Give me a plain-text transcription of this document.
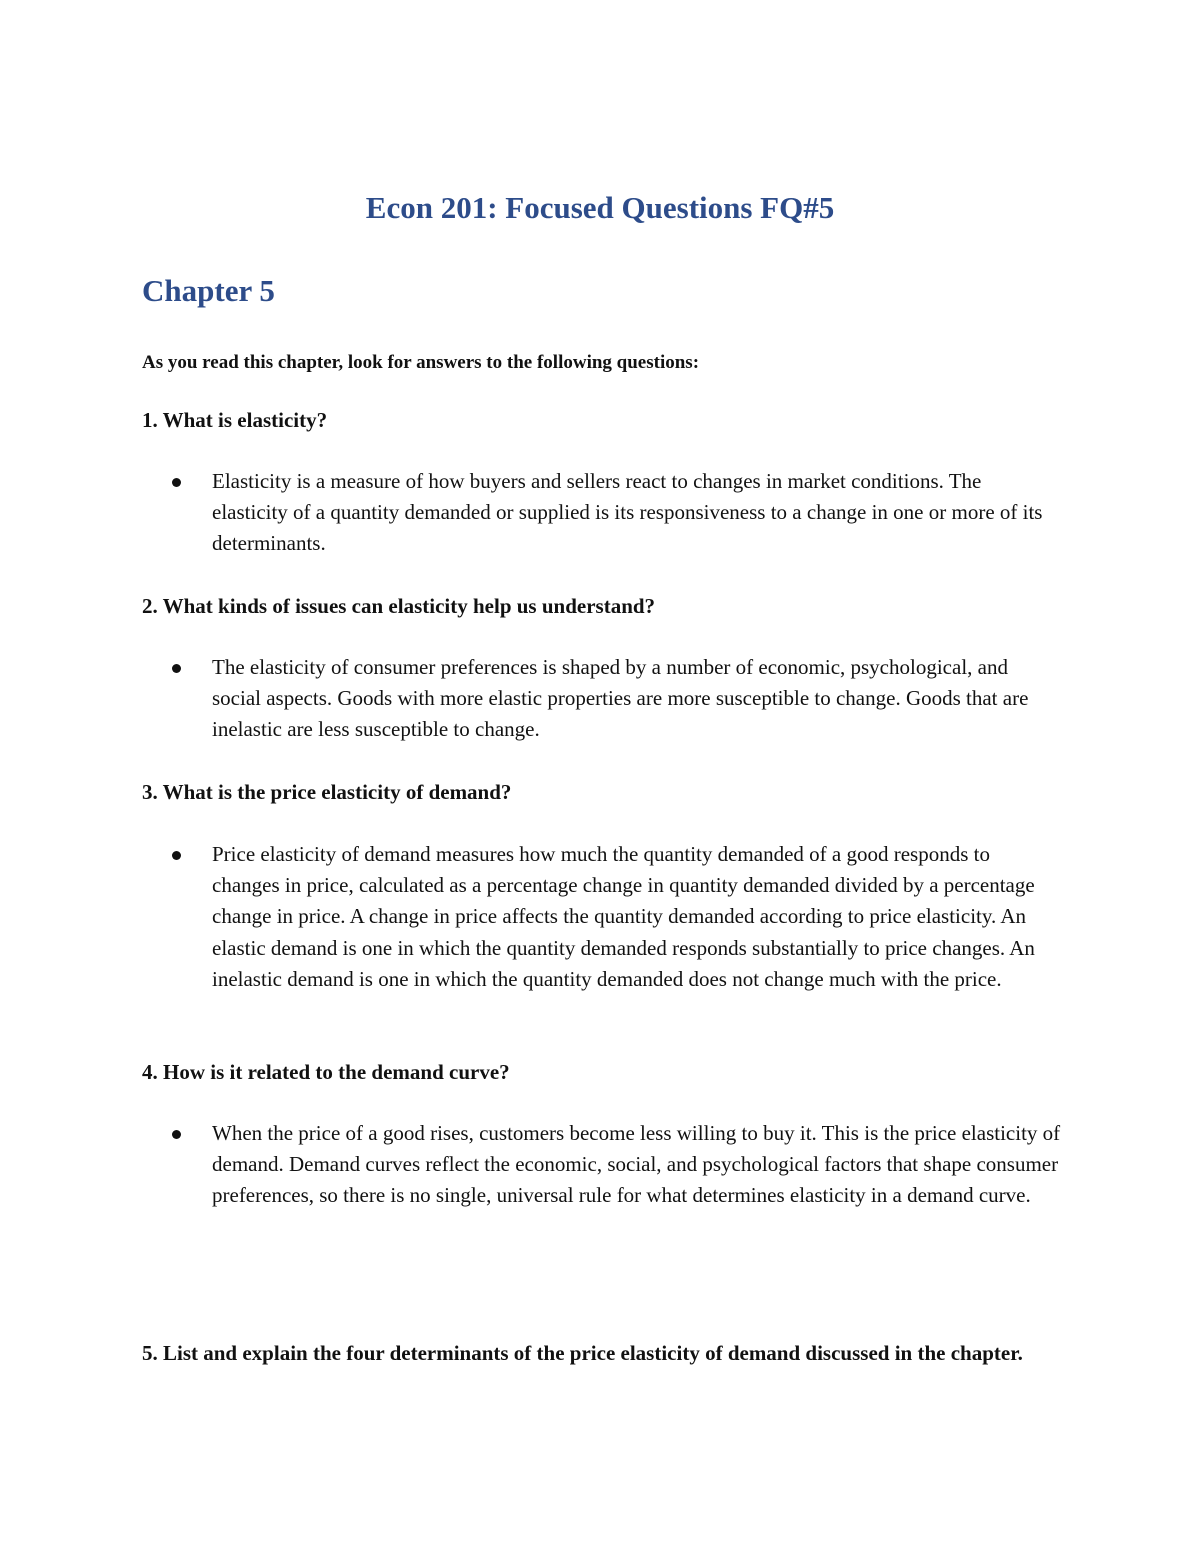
Econ 201: Focused Questions FQ#5
Chapter 5

As you read this chapter, look for answers to the following questions:

1. What is elasticity?

Elasticity is a measure of how buyers and sellers react to changes in market conditions. The elasticity of a quantity demanded or supplied is its responsiveness to a change in one or more of its determinants.

2. What kinds of issues can elasticity help us understand?

The elasticity of consumer preferences is shaped by a number of economic, psychological, and social aspects. Goods with more elastic properties are more susceptible to change. Goods that are inelastic are less susceptible to change.

3. What is the price elasticity of demand?

Price elasticity of demand measures how much the quantity demanded of a good responds to changes in price, calculated as a percentage change in quantity demanded divided by a percentage change in price. A change in price affects the quantity demanded according to price elasticity. An elastic demand is one in which the quantity demanded responds substantially to price changes. An inelastic demand is one in which the quantity demanded does not change much with the price.

4. How is it related to the demand curve?

When the price of a good rises, customers become less willing to buy it. This is the price elasticity of demand. Demand curves reflect the economic, social, and psychological factors that shape consumer preferences, so there is no single, universal rule for what determines elasticity in a demand curve.

5. List and explain the four determinants of the price elasticity of demand discussed in the chapter.
